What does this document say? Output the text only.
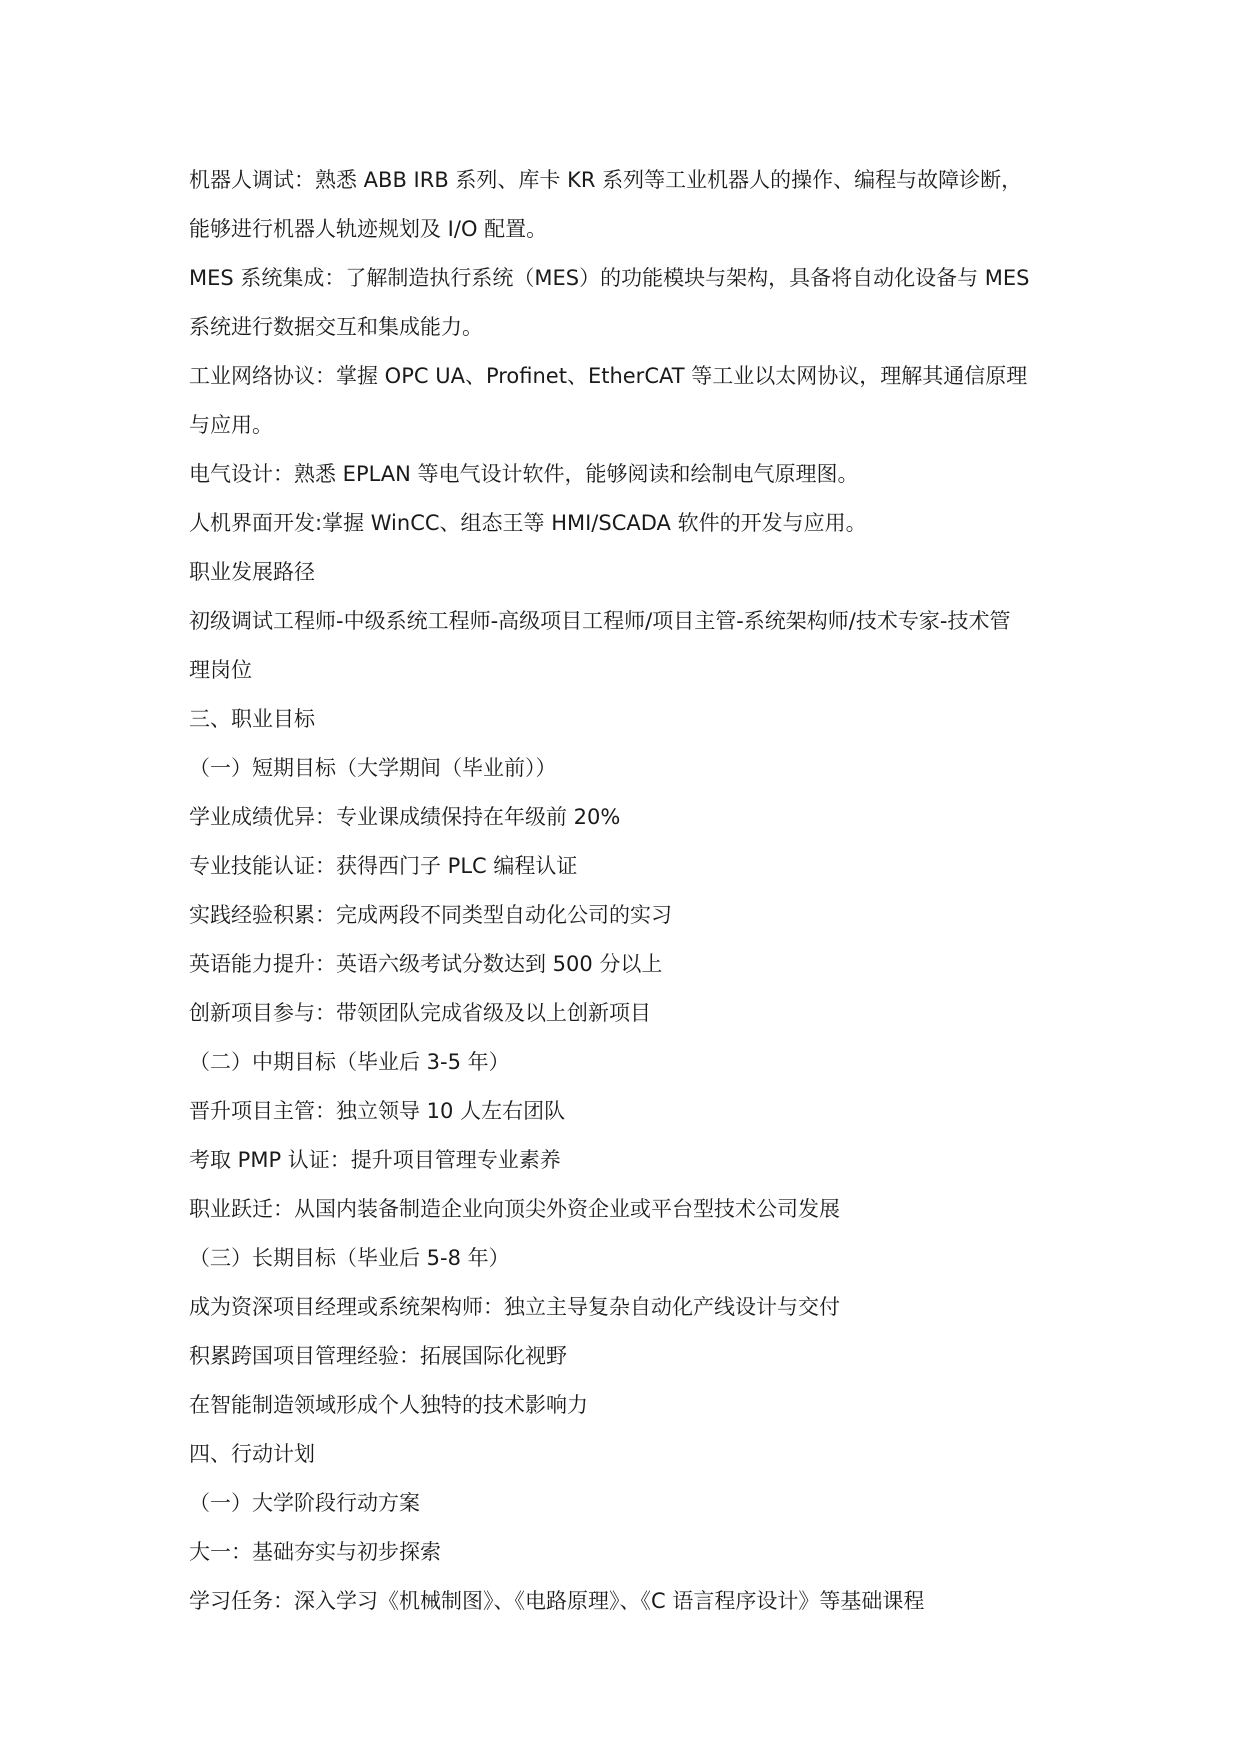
机器人调试：熟悉 ABB IRB 系列、库卡 KR 系列等工业机器人的操作、编程与故障诊断，
能够进行机器人轨迹规划及 I/O 配置。
MES 系统集成：了解制造执行系统（MES）的功能模块与架构，具备将自动化设备与 MES
系统进行数据交互和集成能力。
工业网络协议：掌握 OPC UA、Profinet、EtherCAT 等工业以太网协议，理解其通信原理
与应用。
电气设计：熟悉 EPLAN 等电气设计软件，能够阅读和绘制电气原理图。
人机界面开发:掌握 WinCC、组态王等 HMI/SCADA 软件的开发与应用。
职业发展路径
初级调试工程师-中级系统工程师-高级项目工程师/项目主管-系统架构师/技术专家-技术管
理岗位
三、职业目标
（一）短期目标（大学期间（毕业前））
学业成绩优异：专业课成绩保持在年级前 20%
专业技能认证：获得西门子 PLC 编程认证
实践经验积累：完成两段不同类型自动化公司的实习
英语能力提升：英语六级考试分数达到 500 分以上
创新项目参与：带领团队完成省级及以上创新项目
（二）中期目标（毕业后 3-5 年）
晋升项目主管：独立领导 10 人左右团队
考取 PMP 认证：提升项目管理专业素养
职业跃迁：从国内装备制造企业向顶尖外资企业或平台型技术公司发展
（三）长期目标（毕业后 5-8 年）
成为资深项目经理或系统架构师：独立主导复杂自动化产线设计与交付
积累跨国项目管理经验：拓展国际化视野
在智能制造领域形成个人独特的技术影响力
四、行动计划
（一）大学阶段行动方案
大一：基础夯实与初步探索
学习任务：深入学习《机械制图》、《电路原理》、《C 语言程序设计》等基础课程
